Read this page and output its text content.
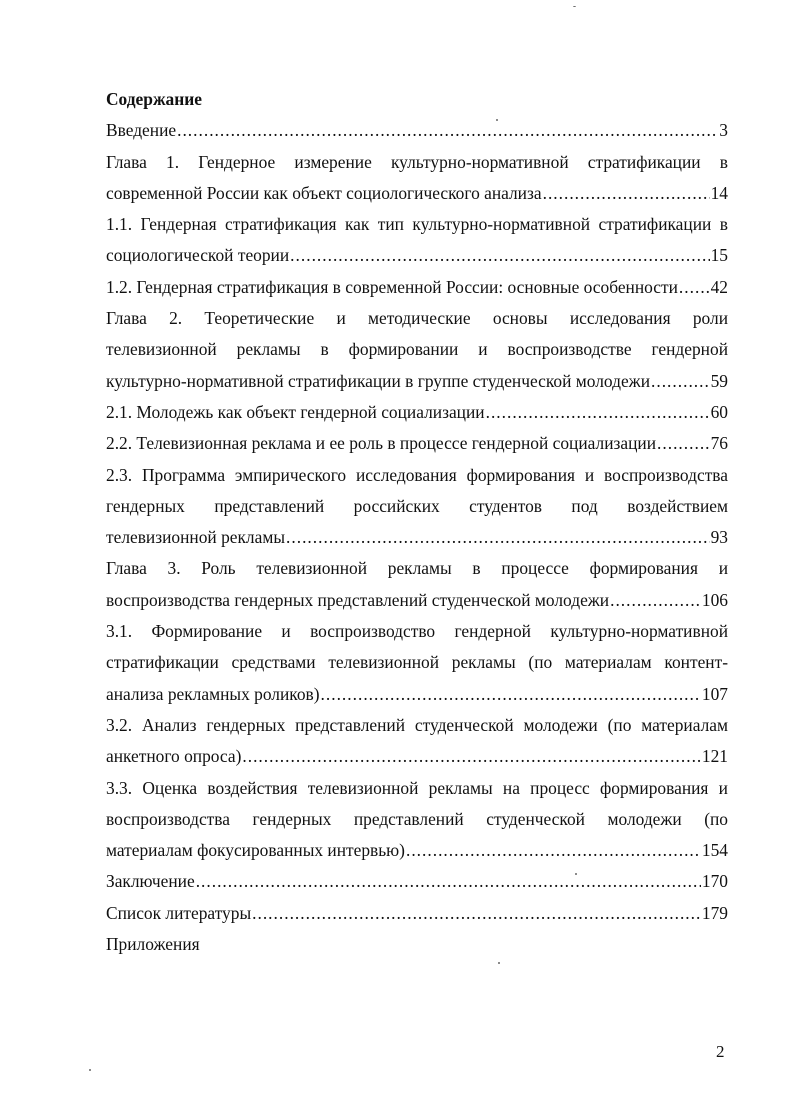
Содержание
Введение .....	3
Глава 1. Гендерное измерение культурно-нормативной стратификации в
современной России как объект социологического анализа .....	14
1.1. Гендерная стратификация как тип культурно-нормативной стратификации в
социологической теории .....	15
1.2. Гендерная стратификация в современной России: основные особенности ..... 42
Глава 2. Теоретические и методические основы исследования роли
телевизионной рекламы в формировании и воспроизводстве гендерной
культурно-нормативной стратификации в группе студенческой молодежи .....	59
2.1. Молодежь как объект гендерной социализации .....	60
2.2. Телевизионная реклама и ее роль в процессе гендерной социализации .....	76
2.3. Программа эмпирического исследования формирования и воспроизводства
гендерных представлений российских студентов под воздействием
телевизионной рекламы .....	93
Глава 3. Роль телевизионной рекламы в процессе формирования и
воспроизводства гендерных представлений студенческой молодежи .....	106
3.1. Формирование и воспроизводство гендерной культурно-нормативной
стратификации средствами телевизионной рекламы (по материалам контент-
анализа рекламных роликов) .....	107
3.2. Анализ гендерных представлений студенческой молодежи (по материалам
анкетного опроса) .....	121
3.3. Оценка воздействия телевизионной рекламы на процесс формирования и
воспроизводства гендерных представлений студенческой молодежи (по
материалам фокусированных интервью) .....	154
Заключение .....	170
Список литературы .....	179
Приложения
2
